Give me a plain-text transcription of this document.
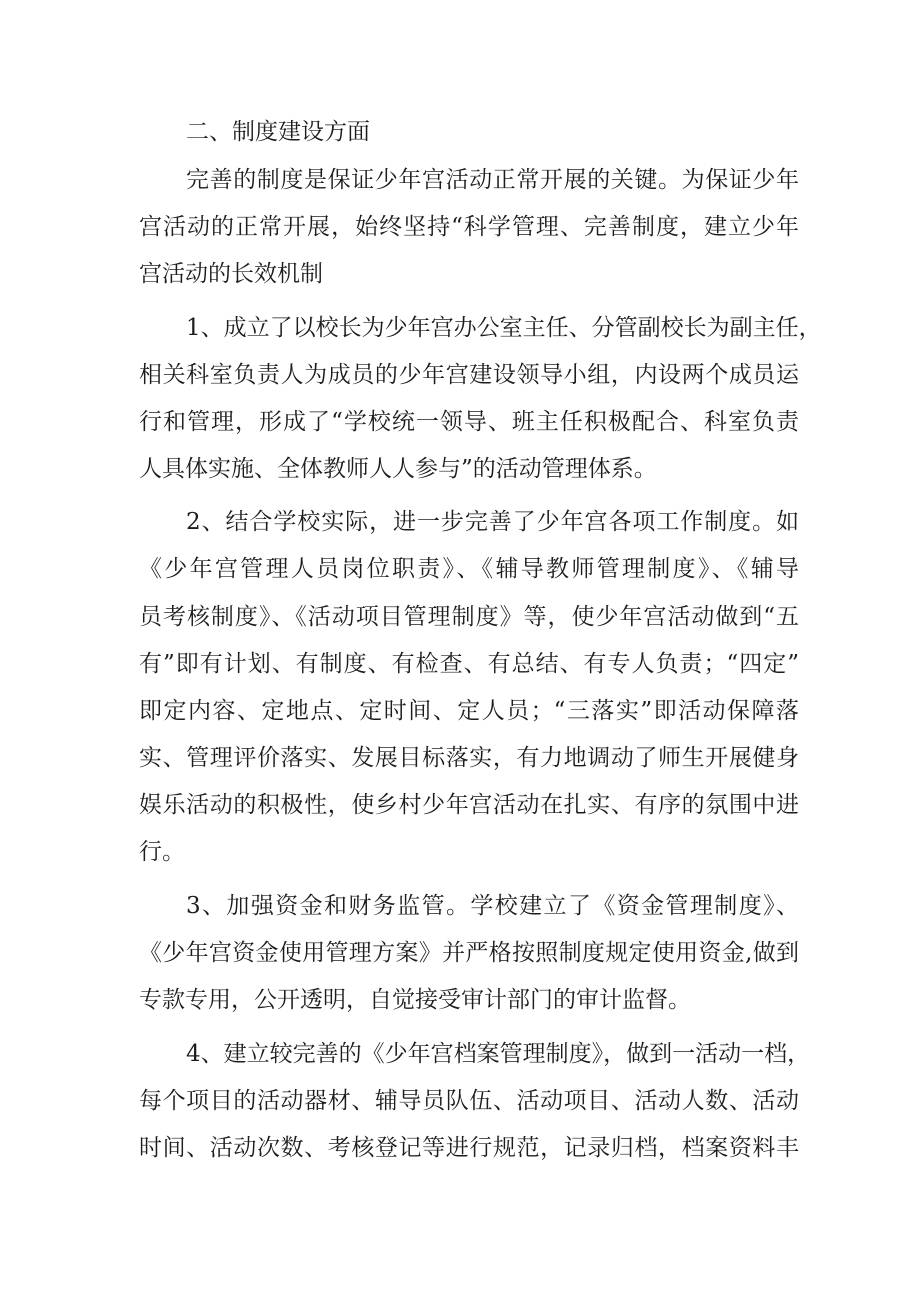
二、制度建设方面
完善的制度是保证少年宫活动正常开展的关键。为保证少年
宫活动的正常开展，始终坚持“科学管理、完善制度，建立少年
宫活动的长效机制
1、成立了以校长为少年宫办公室主任、分管副校长为副主任，
相关科室负责人为成员的少年宫建设领导小组，内设两个成员运
行和管理，形成了“学校统一领导、班主任积极配合、科室负责
人具体实施、全体教师人人参与”的活动管理体系。
2、结合学校实际，进一步完善了少年宫各项工作制度。如
《少年宫管理人员岗位职责》、《辅导教师管理制度》、《辅导
员考核制度》、《活动项目管理制度》等，使少年宫活动做到“五
有”即有计划、有制度、有检查、有总结、有专人负责；“四定”
即定内容、定地点、定时间、定人员；“三落实”即活动保障落
实、管理评价落实、发展目标落实，有力地调动了师生开展健身
娱乐活动的积极性，使乡村少年宫活动在扎实、有序的氛围中进
行。
3、加强资金和财务监管。学校建立了《资金管理制度》、
《少年宫资金使用管理方案》并严格按照制度规定使用资金,做到
专款专用，公开透明，自觉接受审计部门的审计监督。
4、建立较完善的《少年宫档案管理制度》，做到一活动一档，
每个项目的活动器材、辅导员队伍、活动项目、活动人数、活动
时间、活动次数、考核登记等进行规范，记录归档，档案资料丰
